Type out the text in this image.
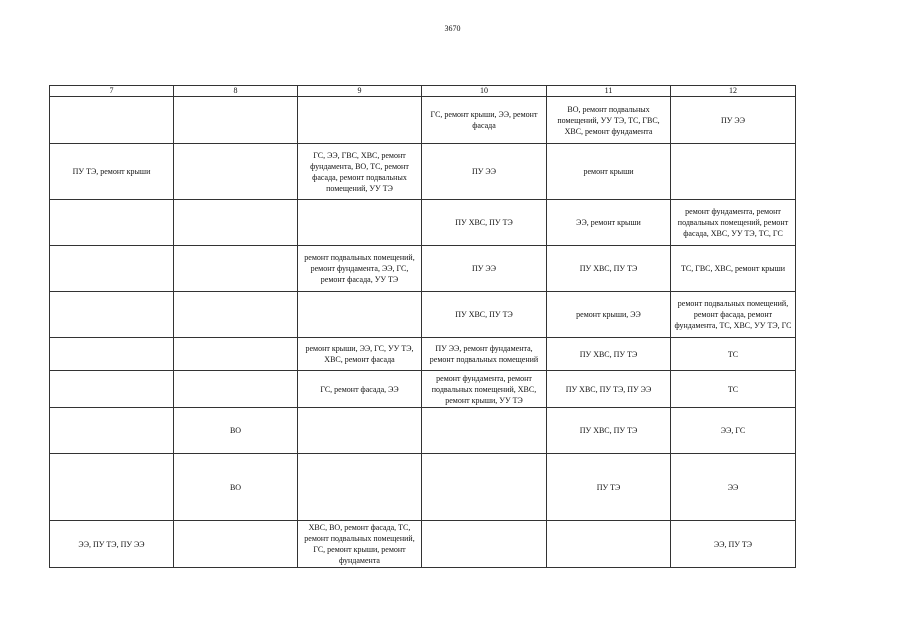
3670
7	8	9	10	11	12
			ГС, ремонт крыши, ЭЭ, ремонт фасада	ВО, ремонт подвальных помещений, УУ ТЭ, ТС, ГВС, ХВС, ремонт фундамента	ПУ ЭЭ
ПУ ТЭ, ремонт крыши		ГС, ЭЭ, ГВС, ХВС, ремонт фундамента, ВО, ТС, ремонт фасада, ремонт подвальных помещений, УУ ТЭ	ПУ ЭЭ	ремонт крыши	
			ПУ ХВС, ПУ ТЭ	ЭЭ, ремонт крыши	ремонт фундамента, ремонт подвальных помещений, ремонт фасада, ХВС, УУ ТЭ, ТС, ГС
		ремонт подвальных помещений, ремонт фундамента, ЭЭ, ГС, ремонт фасада, УУ ТЭ	ПУ ЭЭ	ПУ ХВС, ПУ ТЭ	ТС, ГВС, ХВС, ремонт крыши
			ПУ ХВС, ПУ ТЭ	ремонт крыши, ЭЭ	ремонт подвальных помещений, ремонт фасада, ремонт фундамента, ТС, ХВС, УУ ТЭ, ГС
		ремонт крыши, ЭЭ, ГС, УУ ТЭ, ХВС, ремонт фасада	ПУ ЭЭ, ремонт фундамента, ремонт подвальных помещений	ПУ ХВС, ПУ ТЭ	ТС
		ГС, ремонт фасада, ЭЭ	ремонт фундамента, ремонт подвальных помещений, ХВС, ремонт крыши, УУ ТЭ	ПУ ХВС, ПУ ТЭ, ПУ ЭЭ	ТС
	ВО			ПУ ХВС, ПУ ТЭ	ЭЭ, ГС
	ВО			ПУ ТЭ	ЭЭ
ЭЭ, ПУ ТЭ, ПУ ЭЭ		ХВС, ВО, ремонт фасада, ТС, ремонт подвальных помещений, ГС, ремонт крыши, ремонт фундамента			ЭЭ, ПУ ТЭ
